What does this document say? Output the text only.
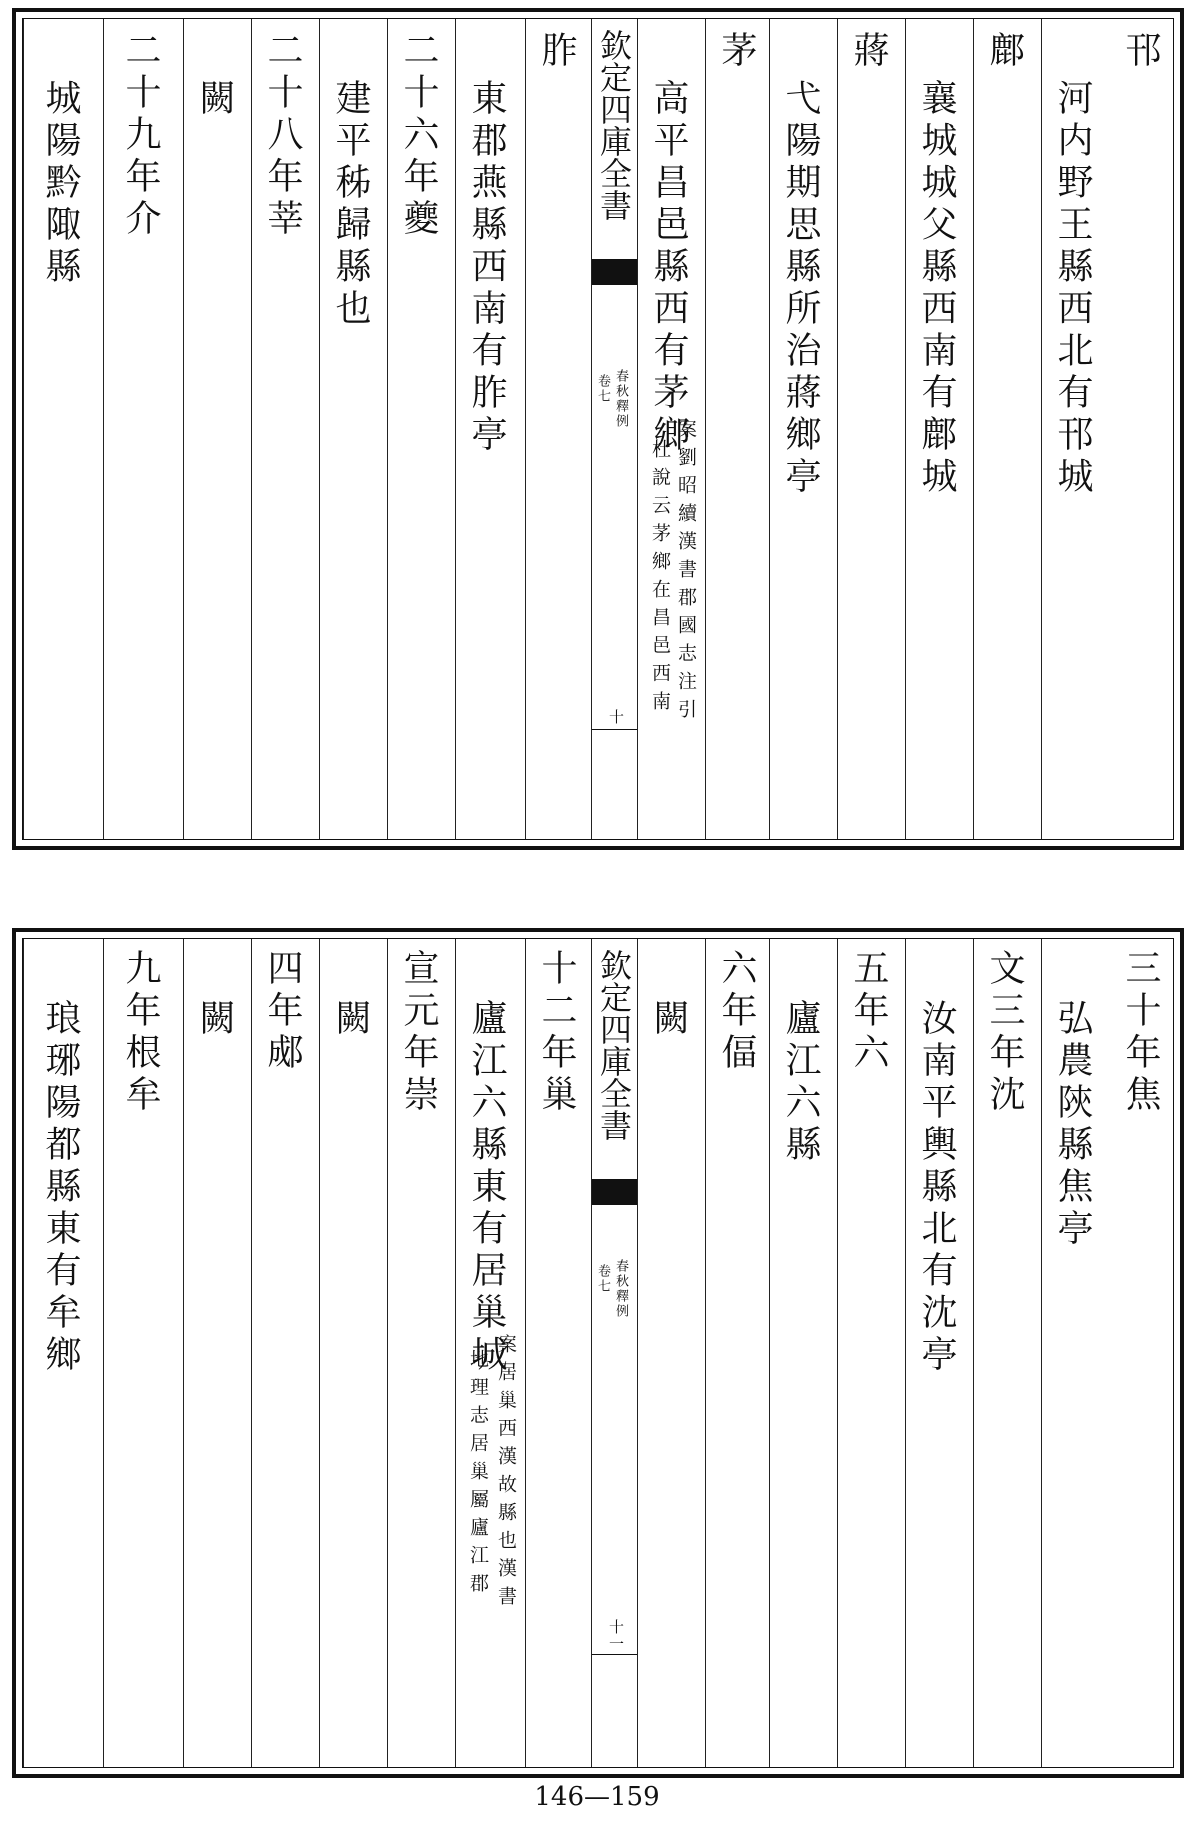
邗
河内野王縣西北有邗城
鄜
襄城城父縣西南有鄜城
蔣
弋陽期思縣所治蔣鄉亭
茅
高平昌邑縣西有茅鄉
案劉昭續漢書郡國志注引
杜說云茅鄉在昌邑西南
欽定四庫全書
春秋釋例
卷七
十
胙
東郡燕縣西南有胙亭
二十六年夔
建平秭歸縣也
二十八年莘
闕
二十九年介
城陽黔陬縣
三十年焦
弘農陝縣焦亭
文三年沈
汝南平輿縣北有沈亭
五年六
廬江六縣
六年偪
闕
欽定四庫全書
春秋釋例
卷七
十一
十二年巢
廬江六縣東有居巢城
案居巢西漢故縣也漢書
地理志居巢屬廬江郡
宣元年崇
闕
四年郕
闕
九年根牟
琅琊陽都縣東有牟鄉
146—159
